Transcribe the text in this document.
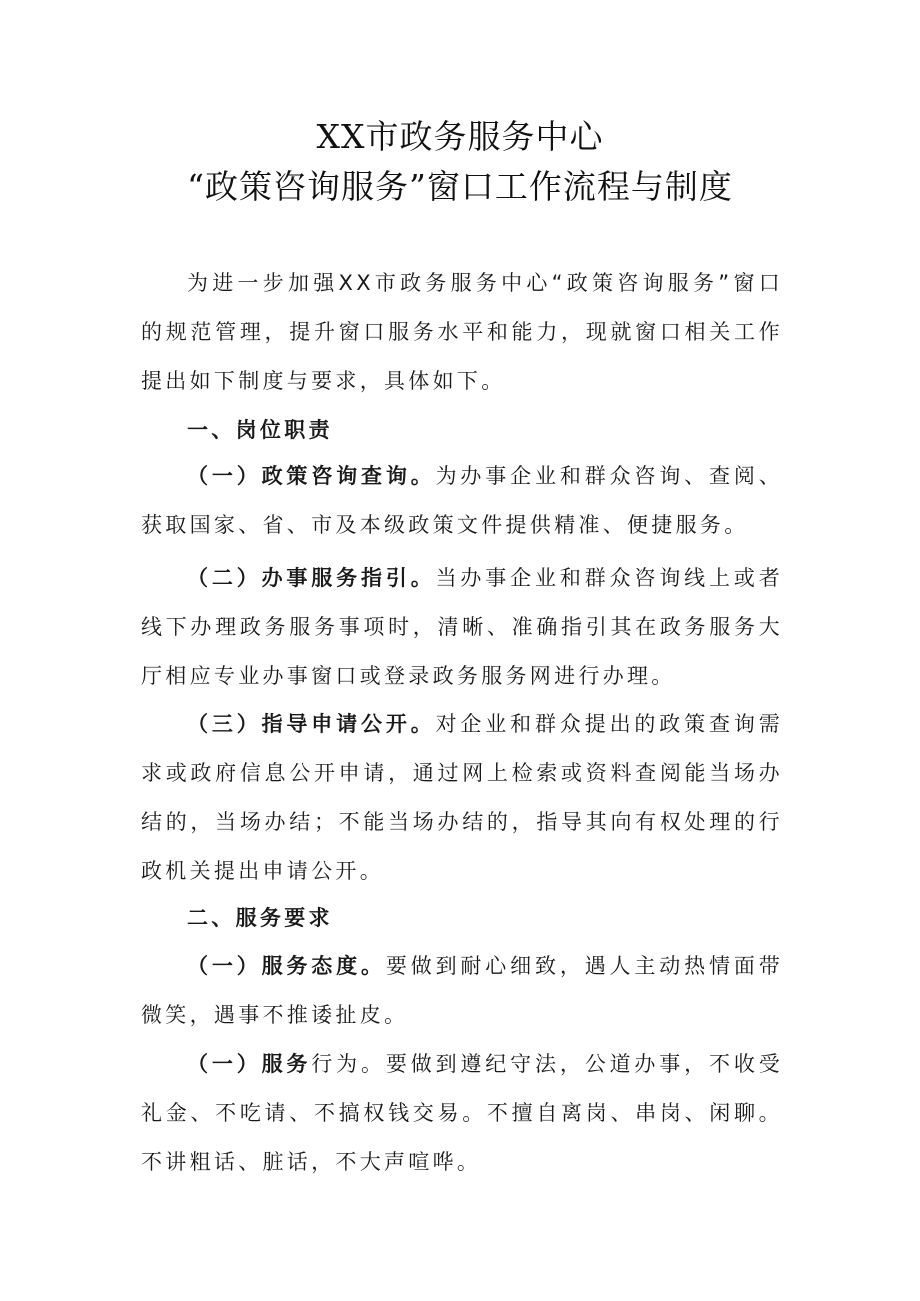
XX市政务服务中心
“政策咨询服务”窗口工作流程与制度

为进一步加强XX市政务服务中心“政策咨询服务”窗口的规范管理，提升窗口服务水平和能力，现就窗口相关工作提出如下制度与要求，具体如下。

一、岗位职责

（一）政策咨询查询。为办事企业和群众咨询、查阅、获取国家、省、市及本级政策文件提供精准、便捷服务。

（二）办事服务指引。当办事企业和群众咨询线上或者线下办理政务服务事项时，清晰、准确指引其在政务服务大厅相应专业办事窗口或登录政务服务网进行办理。

（三）指导申请公开。对企业和群众提出的政策查询需求或政府信息公开申请，通过网上检索或资料查阅能当场办结的，当场办结；不能当场办结的，指导其向有权处理的行政机关提出申请公开。

二、服务要求

（一）服务态度。要做到耐心细致，遇人主动热情面带微笑，遇事不推诿扯皮。

（一）服务行为。要做到遵纪守法，公道办事，不收受礼金、不吃请、不搞权钱交易。不擅自离岗、串岗、闲聊。不讲粗话、脏话，不大声喧哗。
